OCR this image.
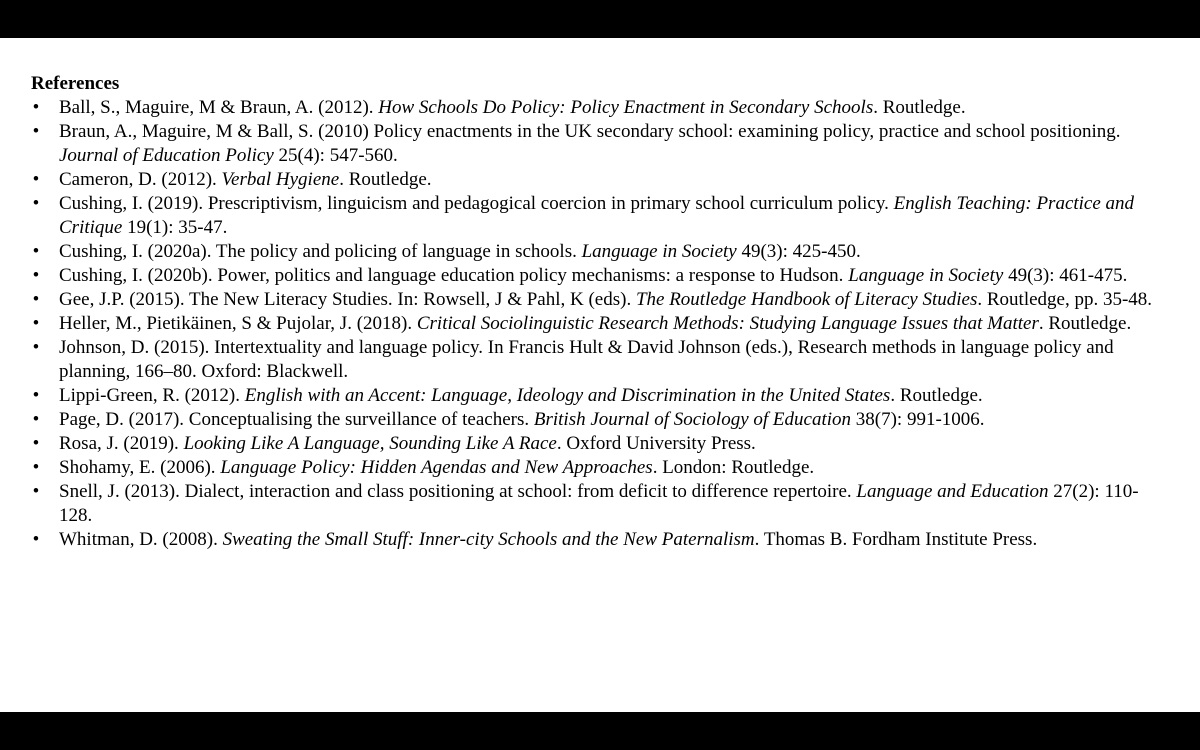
References

• Ball, S., Maguire, M & Braun, A. (2012). How Schools Do Policy: Policy Enactment in Secondary Schools. Routledge.
• Braun, A., Maguire, M & Ball, S. (2010) Policy enactments in the UK secondary school: examining policy, practice and school positioning. Journal of Education Policy 25(4): 547-560.
• Cameron, D. (2012). Verbal Hygiene. Routledge.
• Cushing, I. (2019). Prescriptivism, linguicism and pedagogical coercion in primary school curriculum policy. English Teaching: Practice and Critique 19(1): 35-47.
• Cushing, I. (2020a). The policy and policing of language in schools. Language in Society 49(3): 425-450.
• Cushing, I. (2020b). Power, politics and language education policy mechanisms: a response to Hudson. Language in Society 49(3): 461-475.
• Gee, J.P. (2015). The New Literacy Studies. In: Rowsell, J & Pahl, K (eds). The Routledge Handbook of Literacy Studies. Routledge, pp. 35-48.
• Heller, M., Pietikäinen, S & Pujolar, J. (2018). Critical Sociolinguistic Research Methods: Studying Language Issues that Matter. Routledge.
• Johnson, D. (2015). Intertextuality and language policy. In Francis Hult & David Johnson (eds.), Research methods in language policy and planning, 166–80. Oxford: Blackwell.
• Lippi-Green, R. (2012). English with an Accent: Language, Ideology and Discrimination in the United States. Routledge.
• Page, D. (2017). Conceptualising the surveillance of teachers. British Journal of Sociology of Education 38(7): 991-1006.
• Rosa, J. (2019). Looking Like A Language, Sounding Like A Race. Oxford University Press.
• Shohamy, E. (2006). Language Policy: Hidden Agendas and New Approaches. London: Routledge.
• Snell, J. (2013). Dialect, interaction and class positioning at school: from deficit to difference repertoire. Language and Education 27(2): 110-128.
• Whitman, D. (2008). Sweating the Small Stuff: Inner-city Schools and the New Paternalism. Thomas B. Fordham Institute Press.
